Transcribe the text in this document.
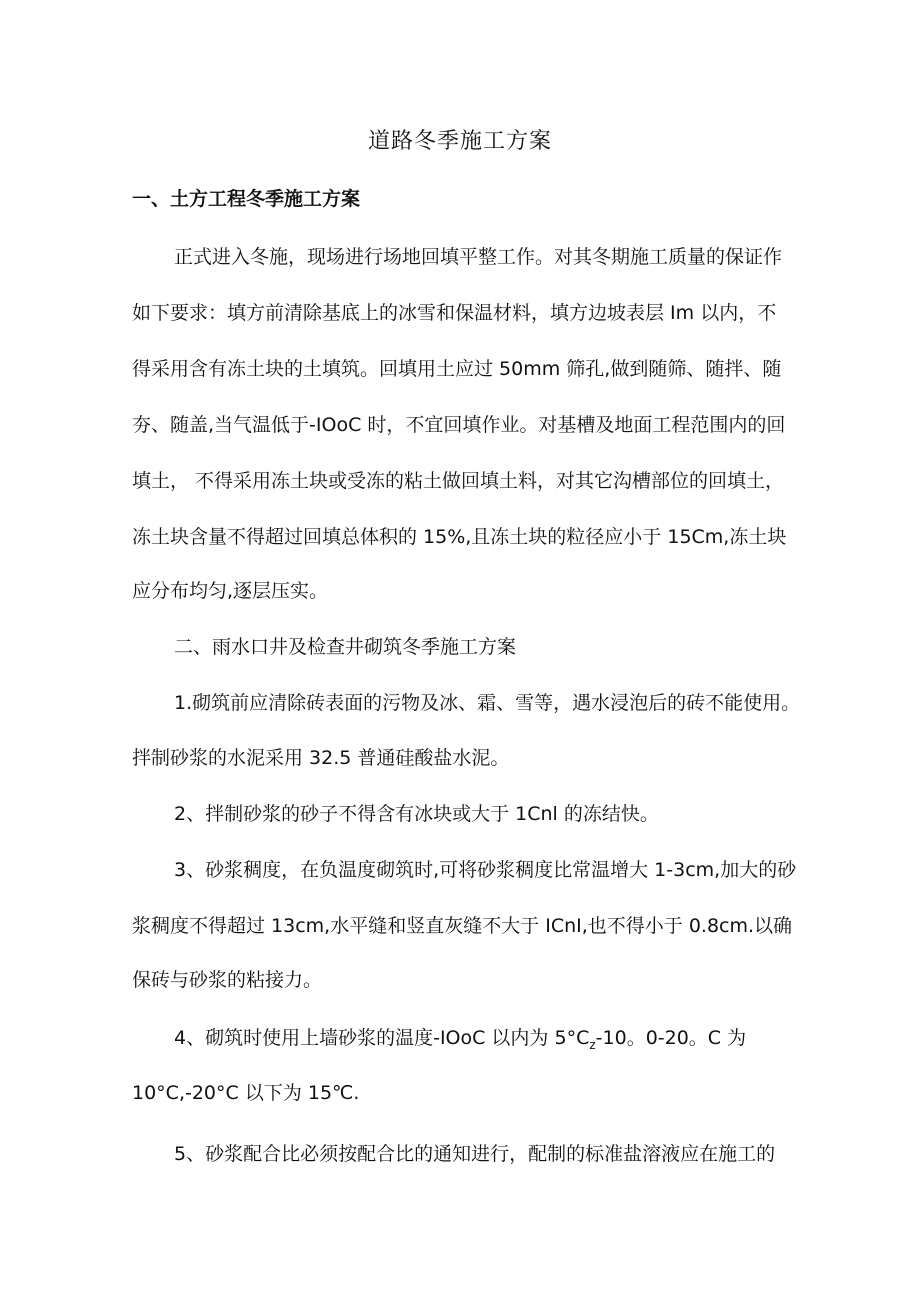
道路冬季施工方案
一、土方工程冬季施工方案
正式进入冬施，现场进行场地回填平整工作。对其冬期施工质量的保证作
如下要求：填方前清除基底上的冰雪和保温材料，填方边坡表层 Im 以内，不
得采用含有冻土块的土填筑。回填用土应过 50mm 筛孔,做到随筛、随拌、随
夯、随盖,当气温低于-IOoC 时，不宜回填作业。对基槽及地面工程范围内的回
填土， 不得采用冻土块或受冻的粘土做回填土料，对其它沟槽部位的回填土，
冻土块含量不得超过回填总体积的 15%,且冻土块的粒径应小于 15Cm,冻土块
应分布均匀,逐层压实。
二、雨水口井及检查井砌筑冬季施工方案
1.砌筑前应清除砖表面的污物及冰、霜、雪等，遇水浸泡后的砖不能使用。
拌制砂浆的水泥采用 32.5 普通硅酸盐水泥。
2、拌制砂浆的砂子不得含有冰块或大于 1Cnl 的冻结快。
3、砂浆稠度，在负温度砌筑时,可将砂浆稠度比常温增大 1-3cm,加大的砂
浆稠度不得超过 13cm,水平缝和竖直灰缝不大于 ICnI,也不得小于 0.8cm.以确
保砖与砂浆的粘接力。
4、砌筑时使用上墙砂浆的温度-IOoC 以内为 $5^\circ C_z-10$。0-20。C 为
10°C,-20°C 以下为 15℃.
5、砂浆配合比必须按配合比的通知进行，配制的标准盐溶液应在施工的
